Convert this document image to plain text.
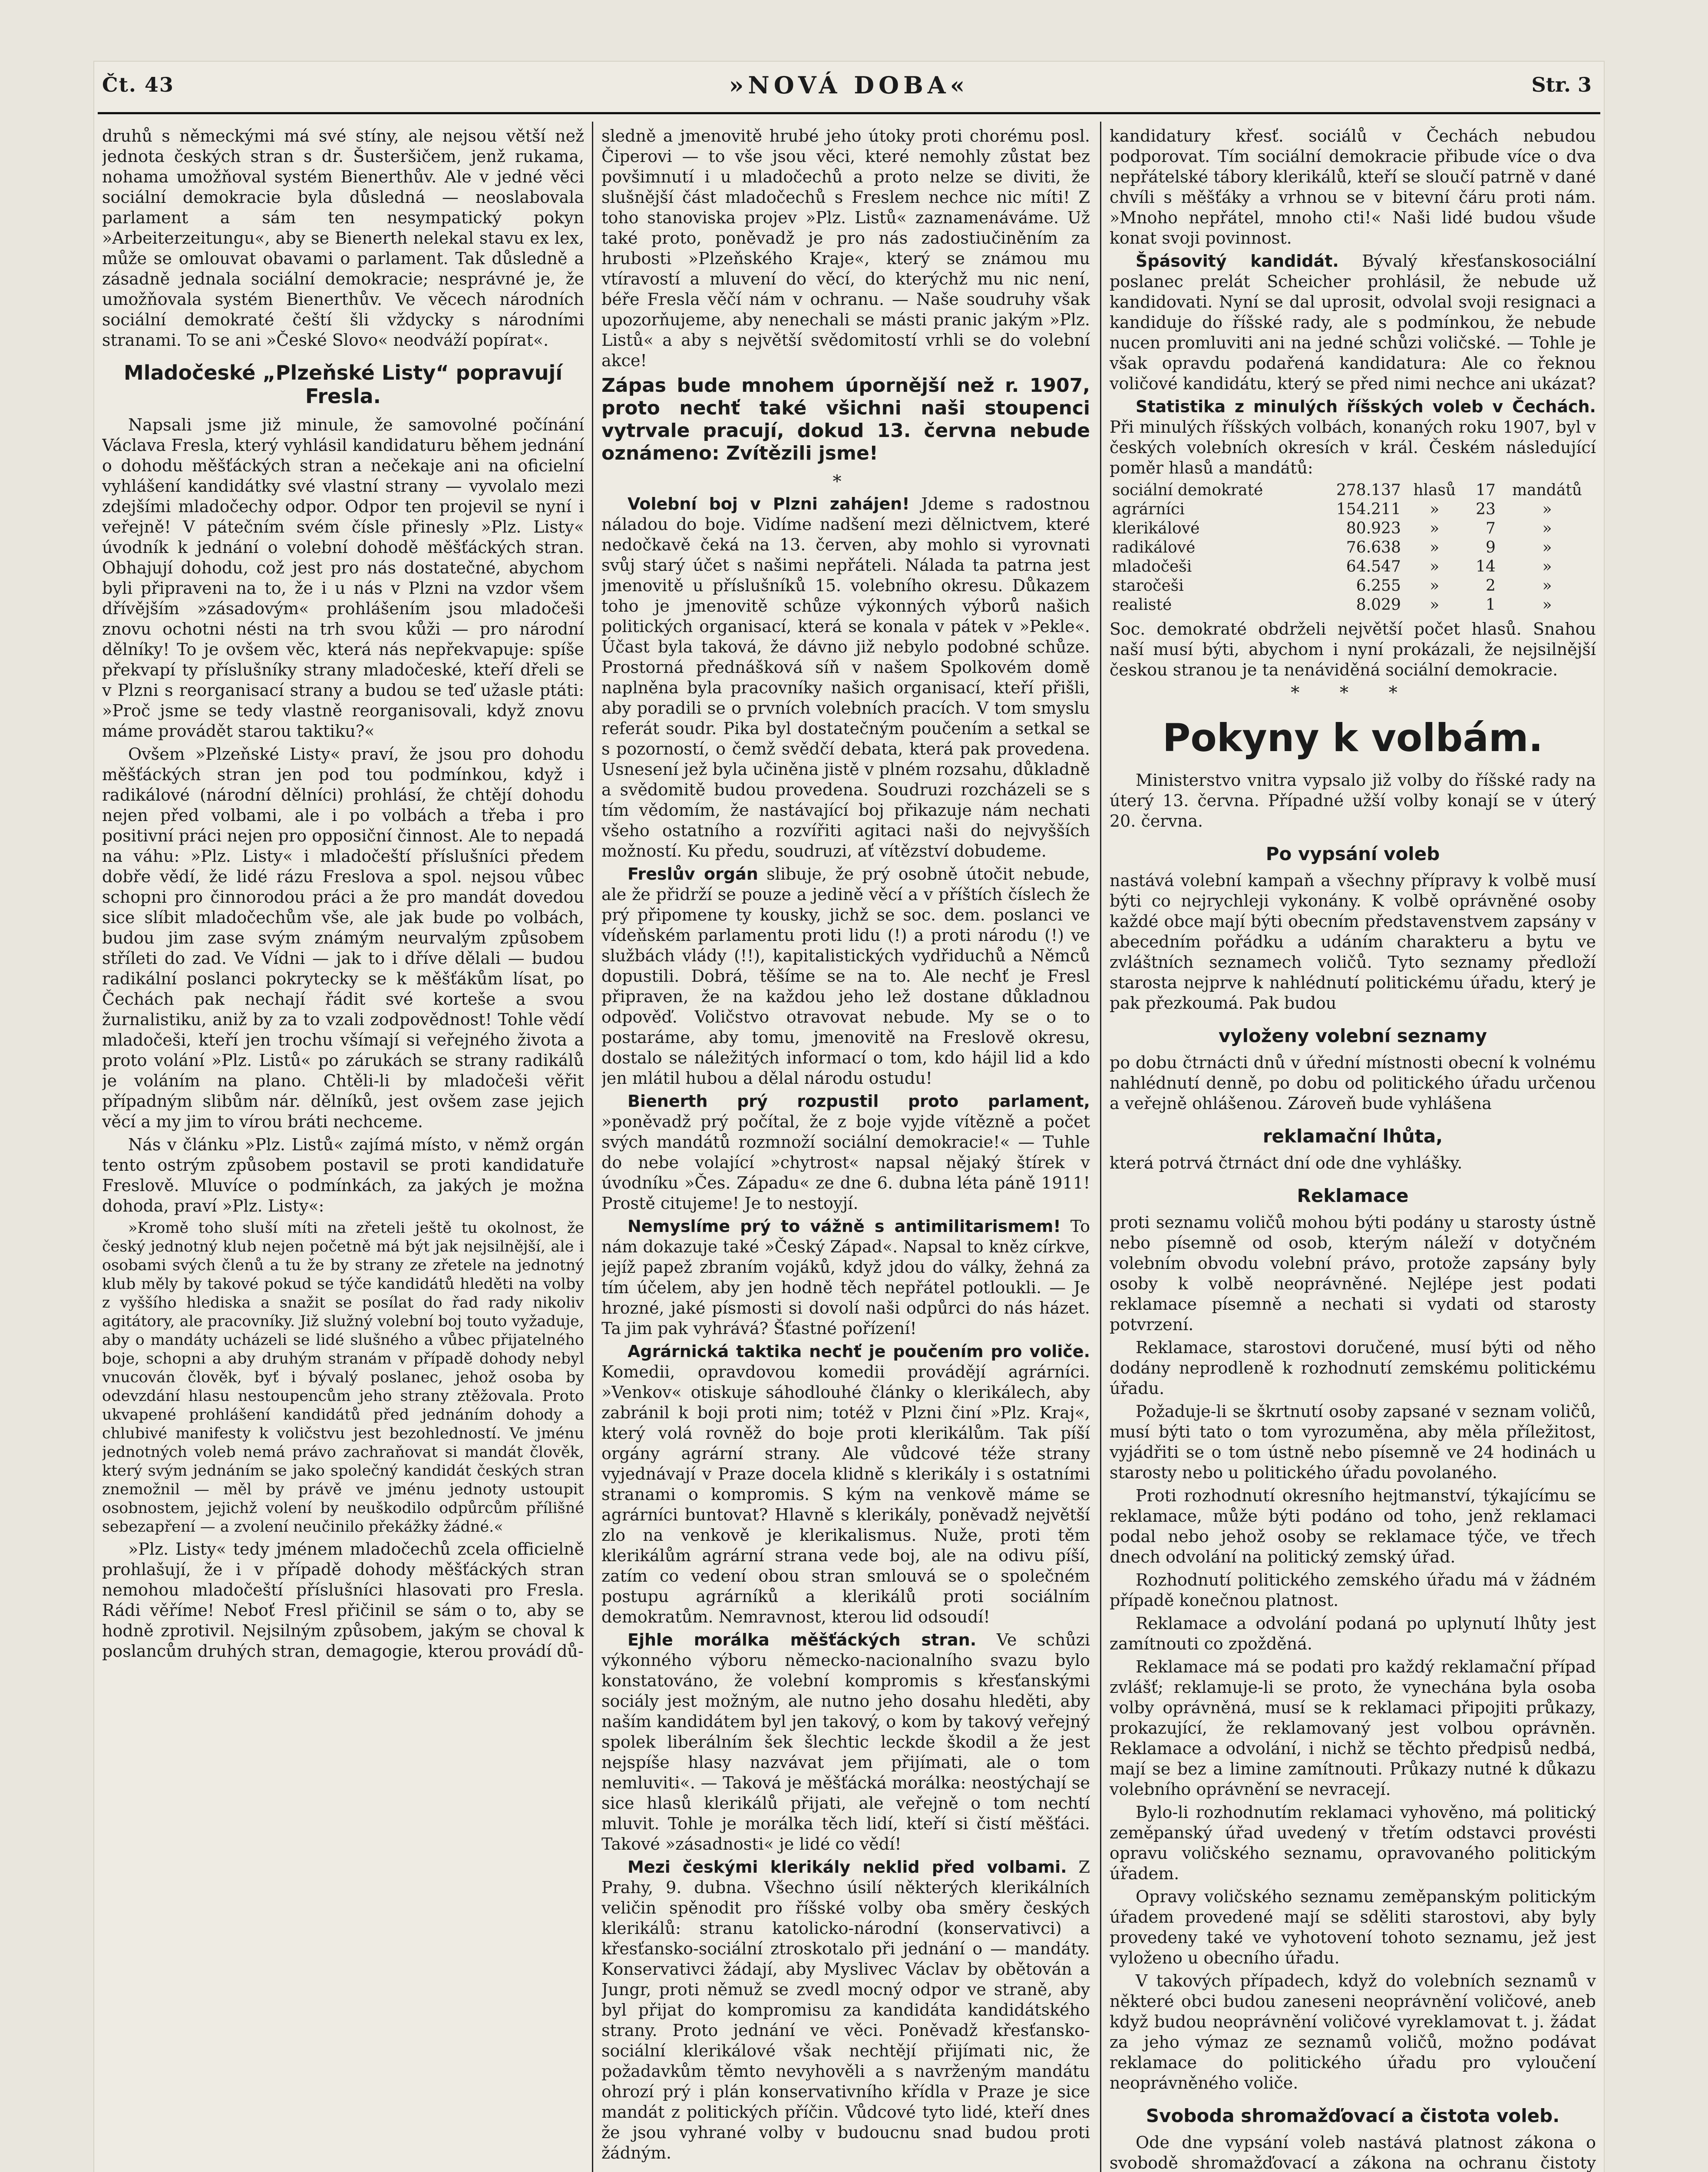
Čt. 43	»NOVÁ DOBA«	Str. 3

druhů s německými má své stíny, ale nejsou větší než jednota českých stran s dr. Šusteršičem, jenž rukama, nohama umožňoval systém Bienerthův. Ale v jedné věci sociální demokracie byla důsledná — neoslabovala parlament a sám ten nesympatický pokyn »Arbeiterzeitungu«, aby se Bienerth nelekal stavu ex lex, může se omlouvat obavami o parlament. Tak důsledně a zásadně jednala sociální demokracie; nesprávné je, že umožňovala systém Bienerthův. Ve věcech národních sociální demokraté čeští šli vždycky s národními stranami. To se ani »České Slovo« neodváží popírat«.

Mladočeské „Plzeňské Listy“ popravují Fresla.

Napsali jsme již minule, že samovolné počínání Václava Fresla, který vyhlásil kandidaturu během jednání o dohodu měšťáckých stran a nečekaje ani na oficielní vyhlášení kandidátky své vlastní strany — vyvolalo mezi zdejšími mladočechy odpor. Odpor ten projevil se nyní i veřejně! V pátečním svém čísle přinesly »Plz. Listy« úvodník k jednání o volební dohodě měšťáckých stran. Obhajují dohodu, což jest pro nás dostatečné, abychom byli připraveni na to, že i u nás v Plzni na vzdor všem dřívějším »zásadovým« prohlášením jsou mladočeši znovu ochotni nésti na trh svou kůži — pro národní dělníky! To je ovšem věc, která nás nepřekvapuje: spíše překvapí ty příslušníky strany mladočeské, kteří dřeli se v Plzni s reorganisací strany a budou se teď užasle ptáti: »Proč jsme se tedy vlastně reorganisovali, když znovu máme provádět starou taktiku?«

Ovšem »Plzeňské Listy« praví, že jsou pro dohodu měšťáckých stran jen pod tou podmínkou, když i radikálové (národní dělníci) prohlásí, že chtějí dohodu nejen před volbami, ale i po volbách a třeba i pro positivní práci nejen pro opposiční činnost. Ale to nepadá na váhu: »Plz. Listy« i mladočeští příslušníci předem dobře vědí, že lidé rázu Freslova a spol. nejsou vůbec schopni pro činnorodou práci a že pro mandát dovedou sice slíbit mladočechům vše, ale jak bude po volbách, budou jim zase svým známým neurvalým způsobem stříleti do zad. Ve Vídni — jak to i dříve dělali — budou radikální poslanci pokrytecky se k měšťákům lísat, po Čechách pak nechají řádit své korteše a svou žurnalistiku, aniž by za to vzali zodpovědnost! Tohle vědí mladočeši, kteří jen trochu všímají si veřejného života a proto volání »Plz. Listů« po zárukách se strany radikálů je voláním na plano. Chtěli-li by mladočeši věřit případným slibům nár. dělníků, jest ovšem zase jejich věcí a my jim to vírou bráti nechceme.

Nás v článku »Plz. Listů« zajímá místo, v němž orgán tento ostrým způsobem postavil se proti kandidatuře Freslově. Mluvíce o podmínkách, za jakých je možna dohoda, praví »Plz. Listy«:

»Kromě toho sluší míti na zřeteli ještě tu okolnost, že český jednotný klub nejen početně má být jak nejsilnější, ale i osobami svých členů a tu že by strany ze zřetele na jednotný klub měly by takové pokud se týče kandidátů hleděti na volby z vyššího hlediska a snažit se posílat do řad rady nikoliv agitátory, ale pracovníky. Již služný volební boj touto vyžaduje, aby o mandáty ucházeli se lidé slušného a vůbec přijatelného boje, schopni a aby druhým stranám v případě dohody nebyl vnucován člověk, byť i bývalý poslanec, jehož osoba by odevzdání hlasu nestoupencům jeho strany ztěžovala. Proto ukvapené prohlášení kandidátů před jednáním dohody a chlubivé manifesty k voličstvu jest bezohledností. Ve jménu jednotných voleb nemá právo zachraňovat si mandát člověk, který svým jednáním se jako společný kandidát českých stran znemožnil — měl by právě ve jménu jednoty ustoupit osobnostem, jejichž volení by neuškodilo odpůrcům přílišné sebezapření — a zvolení neučinilo překážky žádné.«

»Plz. Listy« tedy jménem mladočechů zcela officielně prohlašují, že i v případě dohody měšťáckých stran nemohou mladočeští příslušníci hlasovati pro Fresla. Rádi věříme! Neboť Fresl přičinil se sám o to, aby se hodně zprotivil. Nejsilným způsobem, jakým se choval k poslancům druhých stran, demagogie, kterou provádí dů-

sledně a jmenovitě hrubé jeho útoky proti chorému posl. Čiperovi — to vše jsou věci, které nemohly zůstat bez povšimnutí i u mladočechů a proto nelze se diviti, že slušnější část mladočechů s Freslem nechce nic míti! Z toho stanoviska projev »Plz. Listů« zaznamenáváme. Už také proto, poněvadž je pro nás zadostiučiněním za hrubosti »Plzeňského Kraje«, který se známou mu vtíravostí a mluvení do věcí, do kterýchž mu nic není, béře Fresla věčí nám v ochranu. — Naše soudruhy však upozorňujeme, aby nenechali se másti pranic jakým »Plz. Listů« a aby s největší svědomitostí vrhli se do volební akce!

Zápas bude mnohem úpornější než r. 1907, proto nechť také všichni naši stoupenci vytrvale pracují, dokud 13. června nebude oznámeno: Zvítězili jsme!

*

Volební boj v Plzni zahájen! Jdeme s radostnou náladou do boje. Vidíme nadšení mezi dělnictvem, které nedočkavě čeká na 13. červen, aby mohlo si vyrovnati svůj starý účet s našimi nepřáteli. Nálada ta patrna jest jmenovitě u příslušníků 15. volebního okresu. Důkazem toho je jmenovitě schůze výkonných výborů našich politických organisací, která se konala v pátek v »Pekle«. Účast byla taková, že dávno již nebylo podobné schůze. Prostorná přednášková síň v našem Spolkovém domě naplněna byla pracovníky našich organisací, kteří přišli, aby poradili se o prvních volebních pracích. V tom smyslu referát soudr. Pika byl dostatečným poučením a setkal se s pozorností, o čemž svědčí debata, která pak provedena. Usnesení jež byla učiněna jistě v plném rozsahu, důkladně a svědomitě budou provedena. Soudruzi rozcházeli se s tím vědomím, že nastávající boj přikazuje nám nechati všeho ostatního a rozvířiti agitaci naši do nejvyšších možností. Ku předu, soudruzi, ať vítězství dobudeme.

Freslův orgán slibuje, že prý osobně útočit nebude, ale že přidrží se pouze a jedině věcí a v příštích číslech že prý připomene ty kousky, jichž se soc. dem. poslanci ve vídeňském parlamentu proti lidu (!) a proti národu (!) ve službách vlády (!!), kapitalistických vydřiduchů a Němců dopustili. Dobrá, těšíme se na to. Ale nechť je Fresl připraven, že na každou jeho lež dostane důkladnou odpověď. Voličstvo otravovat nebude. My se o to postaráme, aby tomu, jmenovitě na Freslově okresu, dostalo se náležitých informací o tom, kdo hájil lid a kdo jen mlátil hubou a dělal národu ostudu!

Bienerth prý rozpustil proto parlament, »poněvadž prý počítal, že z boje vyjde vítězně a počet svých mandátů rozmnoží sociální demokracie!« — Tuhle do nebe volající »chytrost« napsal nějaký štírek v úvodníku »Čes. Západu« ze dne 6. dubna léta páně 1911! Prostě citujeme! Je to nestoyjí.

Nemyslíme prý to vážně s antimilitarismem! To nám dokazuje také »Český Západ«. Napsal to kněz církve, jejíž papež zbraním vojáků, když jdou do války, žehná za tím účelem, aby jen hodně těch nepřátel potloukli. — Je hrozné, jaké písmosti si dovolí naši odpůrci do nás házet. Ta jim pak vyhrává? Šťastné pořízení!

Agrárnická taktika nechť je poučením pro voliče. Komedii, opravdovou komedii provádějí agrárníci. »Venkov« otiskuje sáhodlouhé články o klerikálech, aby zabránil k boji proti nim; totéž v Plzni činí »Plz. Kraj«, který volá rovněž do boje proti klerikálům. Tak píší orgány agrární strany. Ale vůdcové téže strany vyjednávají v Praze docela klidně s klerikály i s ostatními stranami o kompromis. S kým na venkově máme se agrárníci buntovat? Hlavně s klerikály, poněvadž největší zlo na venkově je klerikalismus. Nuže, proti těm klerikálům agrární strana vede boj, ale na odivu píší, zatím co vedení obou stran smlouvá se o společném postupu agrárníků a klerikálů proti sociálním demokratům. Nemravnost, kterou lid odsoudí!

Ejhle morálka měšťáckých stran. Ve schůzi výkonného výboru německo-nacionalního svazu bylo konstatováno, že volební kompromis s křesťanskými sociály jest možným, ale nutno jeho dosahu hleděti, aby naším kandidátem byl jen takový, o kom by takový veřejný spolek liberálním šek šlechtic leckde škodil a že jest nejspíše hlasy nazvávat jem přijímati, ale o tom nemluviti«. — Taková je měšťácká morálka: neostýchají se sice hlasů klerikálů přijati, ale veřejně o tom nechtí mluvit. Tohle je morálka těch lidí, kteří si čistí měšťáci. Takové »zásadnosti« je lidé co vědí!

Mezi českými klerikály neklid před volbami. Z Prahy, 9. dubna. Všechno úsilí některých klerikálních veličin spěnodit pro říšské volby oba směry českých klerikálů: stranu katolicko-národní (konservativci) a křesťansko-sociální ztroskotalo při jednání o — mandáty. Konservativci žádají, aby Myslivec Václav by obětován a Jungr, proti němuž se zvedl mocný odpor ve straně, aby byl přijat do kompromisu za kandidáta kandidátského strany. Proto jednání ve věci. Poněvadž křesťansko-sociální klerikálové však nechtějí přijímati nic, že požadavkům těmto nevyhověli a s navrženým mandátu ohrozí prý i plán konservativního křídla v Praze je sice mandát z politických příčin. Vůdcové tyto lidé, kteří dnes že jsou vyhrané volby v budoucnu snad budou proti žádným.

kandidatury křesť. sociálů v Čechách nebudou podporovat. Tím sociální demokracie přibude více o dva nepřátelské tábory klerikálů, kteří se sloučí patrně v dané chvíli s měšťáky a vrhnou se v bitevní čáru proti nám. »Mnoho nepřátel, mnoho cti!« Naši lidé budou všude konat svoji povinnost.

Špásovitý kandidát. Bývalý křesťanskosociální poslanec prelát Scheicher prohlásil, že nebude už kandidovati. Nyní se dal uprosit, odvolal svoji resignaci a kandiduje do říšské rady, ale s podmínkou, že nebude nucen promluviti ani na jedné schůzi voličské. — Tohle je však opravdu podařená kandidatura: Ale co řeknou voličové kandidátu, který se před nimi nechce ani ukázat?

Statistika z minulých říšských voleb v Čechách. Při minulých říšských volbách, konaných roku 1907, byl v českých volebních okresích v král. Českém následující poměr hlasů a mandátů:

sociální demokraté	278.137	hlasů	17	mandátů
agrárníci	154.211	»	23	»
klerikálové	80.923	»	7	»
radikálové	76.638	»	9	»
mladočeši	64.547	»	14	»
staročeši	6.255	»	2	»
realisté	8.029	»	1	»

Soc. demokraté obdrželi největší počet hlasů. Snahou naší musí býti, abychom i nyní prokázali, že nejsilnější českou stranou je ta nenáviděná sociální demokracie.

* * *
Pokyny k volbám.

Ministerstvo vnitra vypsalo již volby do říšské rady na úterý 13. června. Případné užší volby konají se v úterý 20. června.

Po vypsání voleb

nastává volební kampaň a všechny přípravy k volbě musí býti co nejrychleji vykonány. K volbě oprávněné osoby každé obce mají býti obecním představenstvem zapsány v abecedním pořádku a udáním charakteru a bytu ve zvláštních seznamech voličů. Tyto seznamy předloží starosta nejprve k nahlédnutí politickému úřadu, který je pak přezkoumá. Pak budou

vyloženy volební seznamy

po dobu čtrnácti dnů v úřední místnosti obecní k volnému nahlédnutí denně, po dobu od politického úřadu určenou a veřejně ohlášenou. Zároveň bude vyhlášena

reklamační lhůta,

která potrvá čtrnáct dní ode dne vyhlášky.

Reklamace

proti seznamu voličů mohou býti podány u starosty ústně nebo písemně od osob, kterým náleží v dotyčném volebním obvodu volební právo, protože zapsány byly osoby k volbě neoprávněné. Nejlépe jest podati reklamace písemně a nechati si vydati od starosty potvrzení.

Reklamace, starostovi doručené, musí býti od něho dodány neprodleně k rozhodnutí zemskému politickému úřadu.

Požaduje-li se škrtnutí osoby zapsané v seznam voličů, musí býti tato o tom vyrozuměna, aby měla příležitost, vyjádřiti se o tom ústně nebo písemně ve 24 hodinách u starosty nebo u politického úřadu povolaného.

Proti rozhodnutí okresního hejtmanství, týkajícímu se reklamace, může býti podáno od toho, jenž reklamaci podal nebo jehož osoby se reklamace týče, ve třech dnech odvolání na politický zemský úřad.

Rozhodnutí politického zemského úřadu má v žádném případě konečnou platnost.

Reklamace a odvolání podaná po uplynutí lhůty jest zamítnouti co zpožděná.

Reklamace má se podati pro každý reklamační případ zvlášť; reklamuje-li se proto, že vynechána byla osoba volby oprávněná, musí se k reklamaci připojiti průkazy, prokazující, že reklamovaný jest volbou oprávněn. Reklamace a odvolání, i nichž se těchto předpisů nedbá, mají se bez a limine zamítnouti. Průkazy nutné k důkazu volebního oprávnění se nevracejí.

Bylo-li rozhodnutím reklamaci vyhověno, má politický zeměpanský úřad uvedený v třetím odstavci provésti opravu voličského seznamu, opravovaného politickým úřadem.

Opravy voličského seznamu zeměpanským politickým úřadem provedené mají se sděliti starostovi, aby byly provedeny také ve vyhotovení tohoto seznamu, jež jest vyloženo u obecního úřadu.

V takových případech, když do volebních seznamů v některé obci budou zaneseni neoprávnění voličové, aneb když budou neoprávnění voličové vyreklamovat t. j. žádat za jeho výmaz ze seznamů voličů, možno podávat reklamace do politického úřadu pro vyloučení neoprávněného voliče.

Svoboda shromažďovací a čistota voleb.

Ode dne vypsání voleb nastává platnost zákona o svobodě shromažďovací a zákona na ochranu čistoty
